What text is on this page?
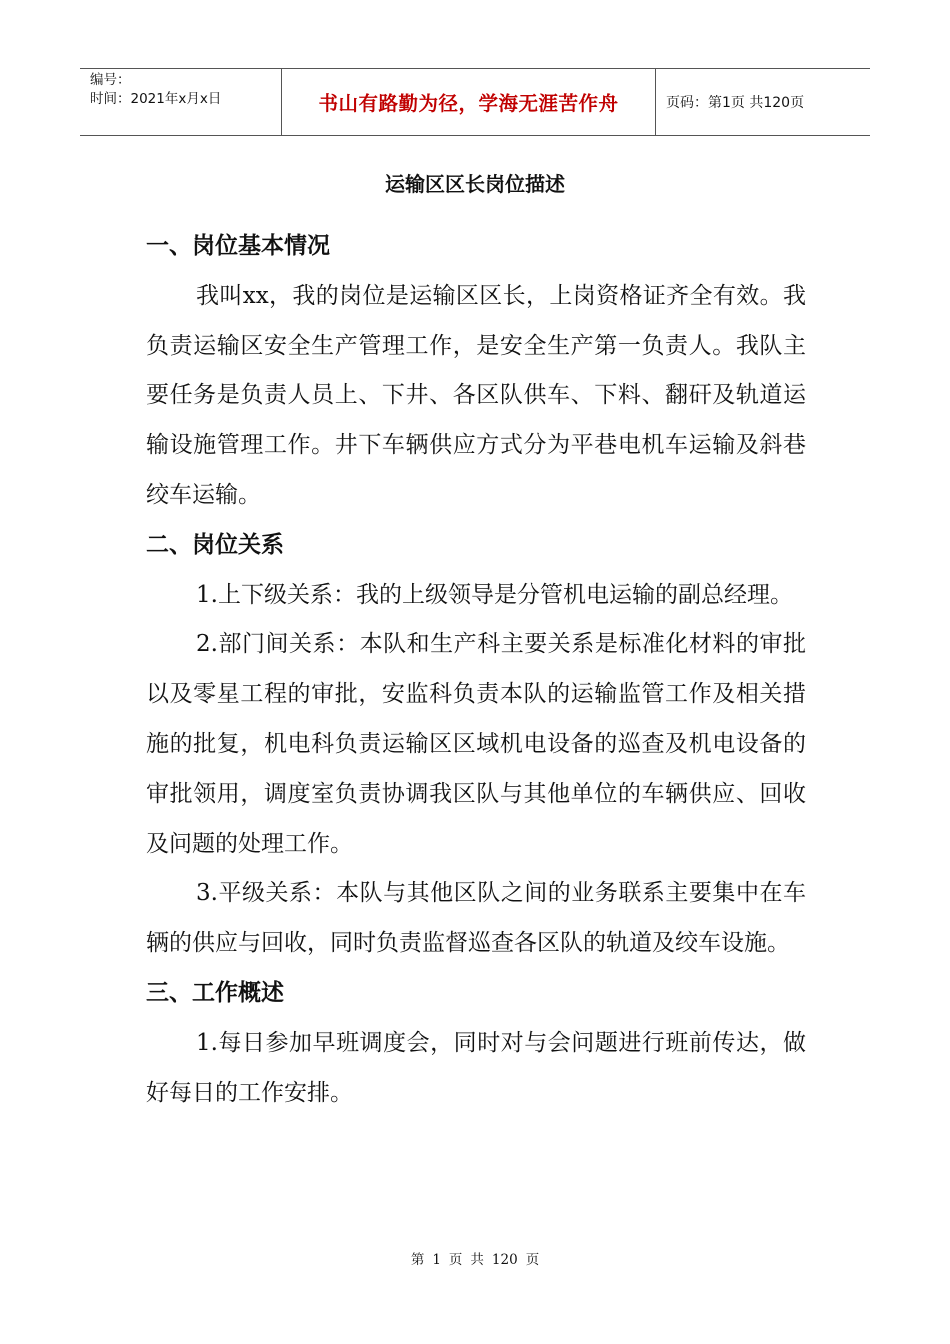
编号：
时间：2021年x月x日	书山有路勤为径，学海无涯苦作舟	页码：第1页 共120页
运输区区长岗位描述

一、岗位基本情况

我叫xx，我的岗位是运输区区长，上岗资格证齐全有效。我负责运输区安全生产管理工作，是安全生产第一负责人。我队主要任务是负责人员上、下井、各区队供车、下料、翻矸及轨道运输设施管理工作。井下车辆供应方式分为平巷电机车运输及斜巷绞车运输。

二、岗位关系

1.上下级关系：我的上级领导是分管机电运输的副总经理。

2.部门间关系：本队和生产科主要关系是标准化材料的审批以及零星工程的审批，安监科负责本队的运输监管工作及相关措施的批复，机电科负责运输区区域机电设备的巡查及机电设备的审批领用，调度室负责协调我区队与其他单位的车辆供应、回收及问题的处理工作。

3.平级关系：本队与其他区队之间的业务联系主要集中在车辆的供应与回收，同时负责监督巡查各区队的轨道及绞车设施。

三、工作概述

1.每日参加早班调度会，同时对与会问题进行班前传达，做好每日的工作安排。

第 1 页 共 120 页
